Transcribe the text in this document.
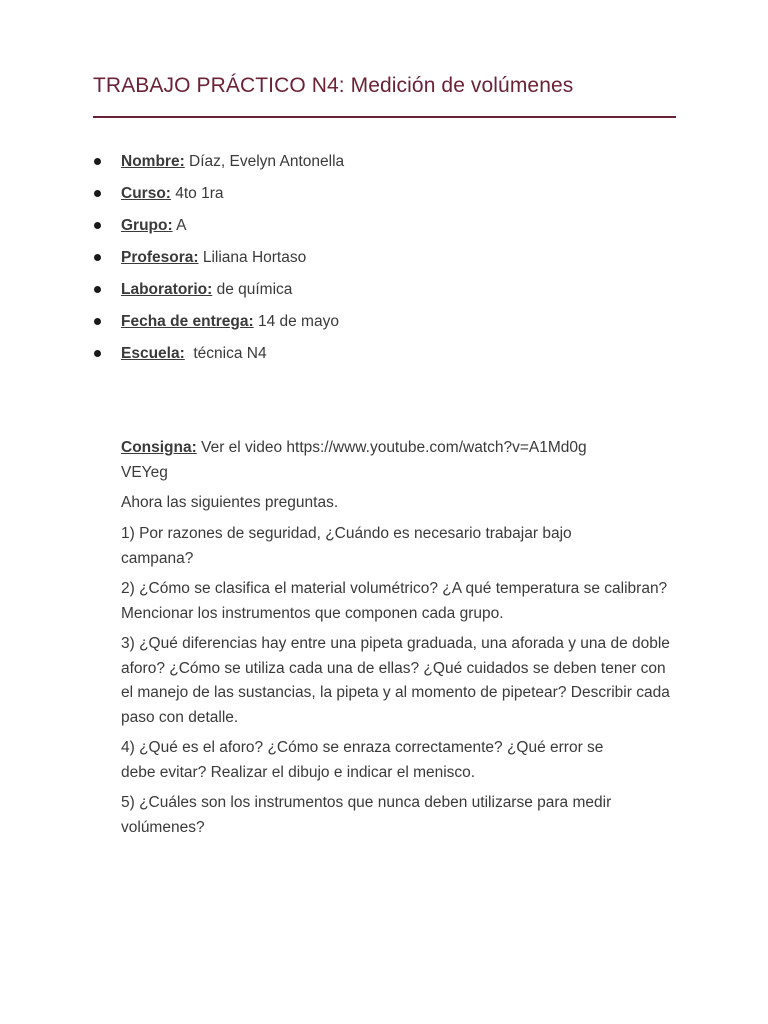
TRABAJO PRÁCTICO N4: Medición de volúmenes
Nombre: Díaz, Evelyn Antonella
Curso: 4to 1ra
Grupo: A
Profesora: Liliana Hortaso
Laboratorio: de química
Fecha de entrega: 14 de mayo
Escuela:  técnica N4
Consigna: Ver el video https://www.youtube.com/watch?v=A1Md0gVEYeg
Ahora las siguientes preguntas.
1) Por razones de seguridad, ¿Cuándo es necesario trabajar bajo campana?
2) ¿Cómo se clasifica el material volumétrico? ¿A qué temperatura se calibran? Mencionar los instrumentos que componen cada grupo.
3) ¿Qué diferencias hay entre una pipeta graduada, una aforada y una de doble aforo? ¿Cómo se utiliza cada una de ellas? ¿Qué cuidados se deben tener con el manejo de las sustancias, la pipeta y al momento de pipetear? Describir cada paso con detalle.
4) ¿Qué es el aforo? ¿Cómo se enraza correctamente? ¿Qué error se debe evitar? Realizar el dibujo e indicar el menisco.
5) ¿Cuáles son los instrumentos que nunca deben utilizarse para medir volúmenes?
